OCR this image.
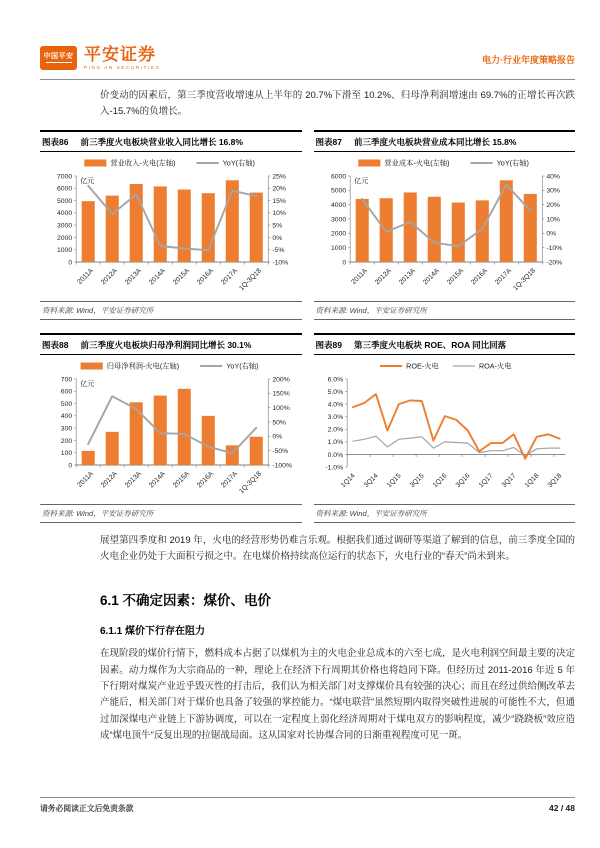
中国平安 平安证券
PING AN SECURITIES
电力·行业年度策略报告

价变动的因素后，第三季度营收增速从上半年的 20.7%下滑至 10.2%、归母净利润增速由 69.7%的正增长再次跌入-15.7%的负增长。

图表86 前三季度火电板块营业收入同比增长 16.8%
营业收入-火电(左轴)	YoY(右轴)
0
1000
2000
3000
4000
5000
6000
7000
-10%
-5%
0%
5%
10%
15%
20%
25%
亿元
2011A 2012A 2013A 2014A 2015A 2016A 2017A 1Q-3Q18
资料来源: Wind，平安证券研究所
图表87 前三季度火电板块营业成本同比增长 15.8%
营业成本-火电(左轴)	YoY(右轴)
0
1000
2000
3000
4000
5000
6000
-20%
-10%
0%
10%
20%
30%
40%
亿元
2011A 2012A 2013A 2014A 2015A 2016A 2017A 1Q-3Q18
资料来源: Wind，平安证券研究所
图表88 前三季度火电板块归母净利润同比增长 30.1%
归母净利润-火电(左轴)	YoY(右轴)
0
100
200
300
400
500
600
700
-100%
-50%
0%
50%
100%
150%
200%
亿元
2011A 2012A 2013A 2014A 2015A 2016A 2017A 1Q-3Q18
资料来源: Wind，平安证券研究所
图表89 第三季度火电板块 ROE、ROA 同比回落
ROE-火电	ROA-火电
-1.0%
0.0%
1.0%
2.0%
3.0%
4.0%
5.0%
6.0%
1Q14 3Q14 1Q15 3Q15 1Q16 3Q16 1Q17 3Q17 1Q18 3Q18
资料来源: Wind，平安证券研究所

展望第四季度和 2019 年，火电的经营形势仍难言乐观。根据我们通过调研等渠道了解到的信息，前三季度全国的火电企业仍处于大面积亏损之中。在电煤价格持续高位运行的状态下，火电行业的“春天”尚未到来。

6.1 不确定因素：煤价、电价
6.1.1 煤价下行存在阻力

在现阶段的煤价行情下，燃料成本占据了以煤机为主的火电企业总成本的六至七成，是火电利润空间最主要的决定因素。动力煤作为大宗商品的一种，理论上在经济下行周期其价格也将趋同下降。但经历过 2011-2016 年近 5 年下行期对煤炭产业近乎毁灭性的打击后，我们认为相关部门对支撑煤价具有较强的决心；而且在经过供给侧改革去产能后，相关部门对于煤价也具备了较强的掌控能力。“煤电联营”虽然短期内取得突破性进展的可能性不大，但通过加深煤电产业链上下游协调度，可以在一定程度上弱化经济周期对于煤电双方的影响程度，减少“跷跷板”效应造成“煤电顶牛”反复出现的拉锯战局面。这从国家对长协煤合同的日渐重视程度可见一斑。

请务必阅读正文后免责条款	42 / 48
